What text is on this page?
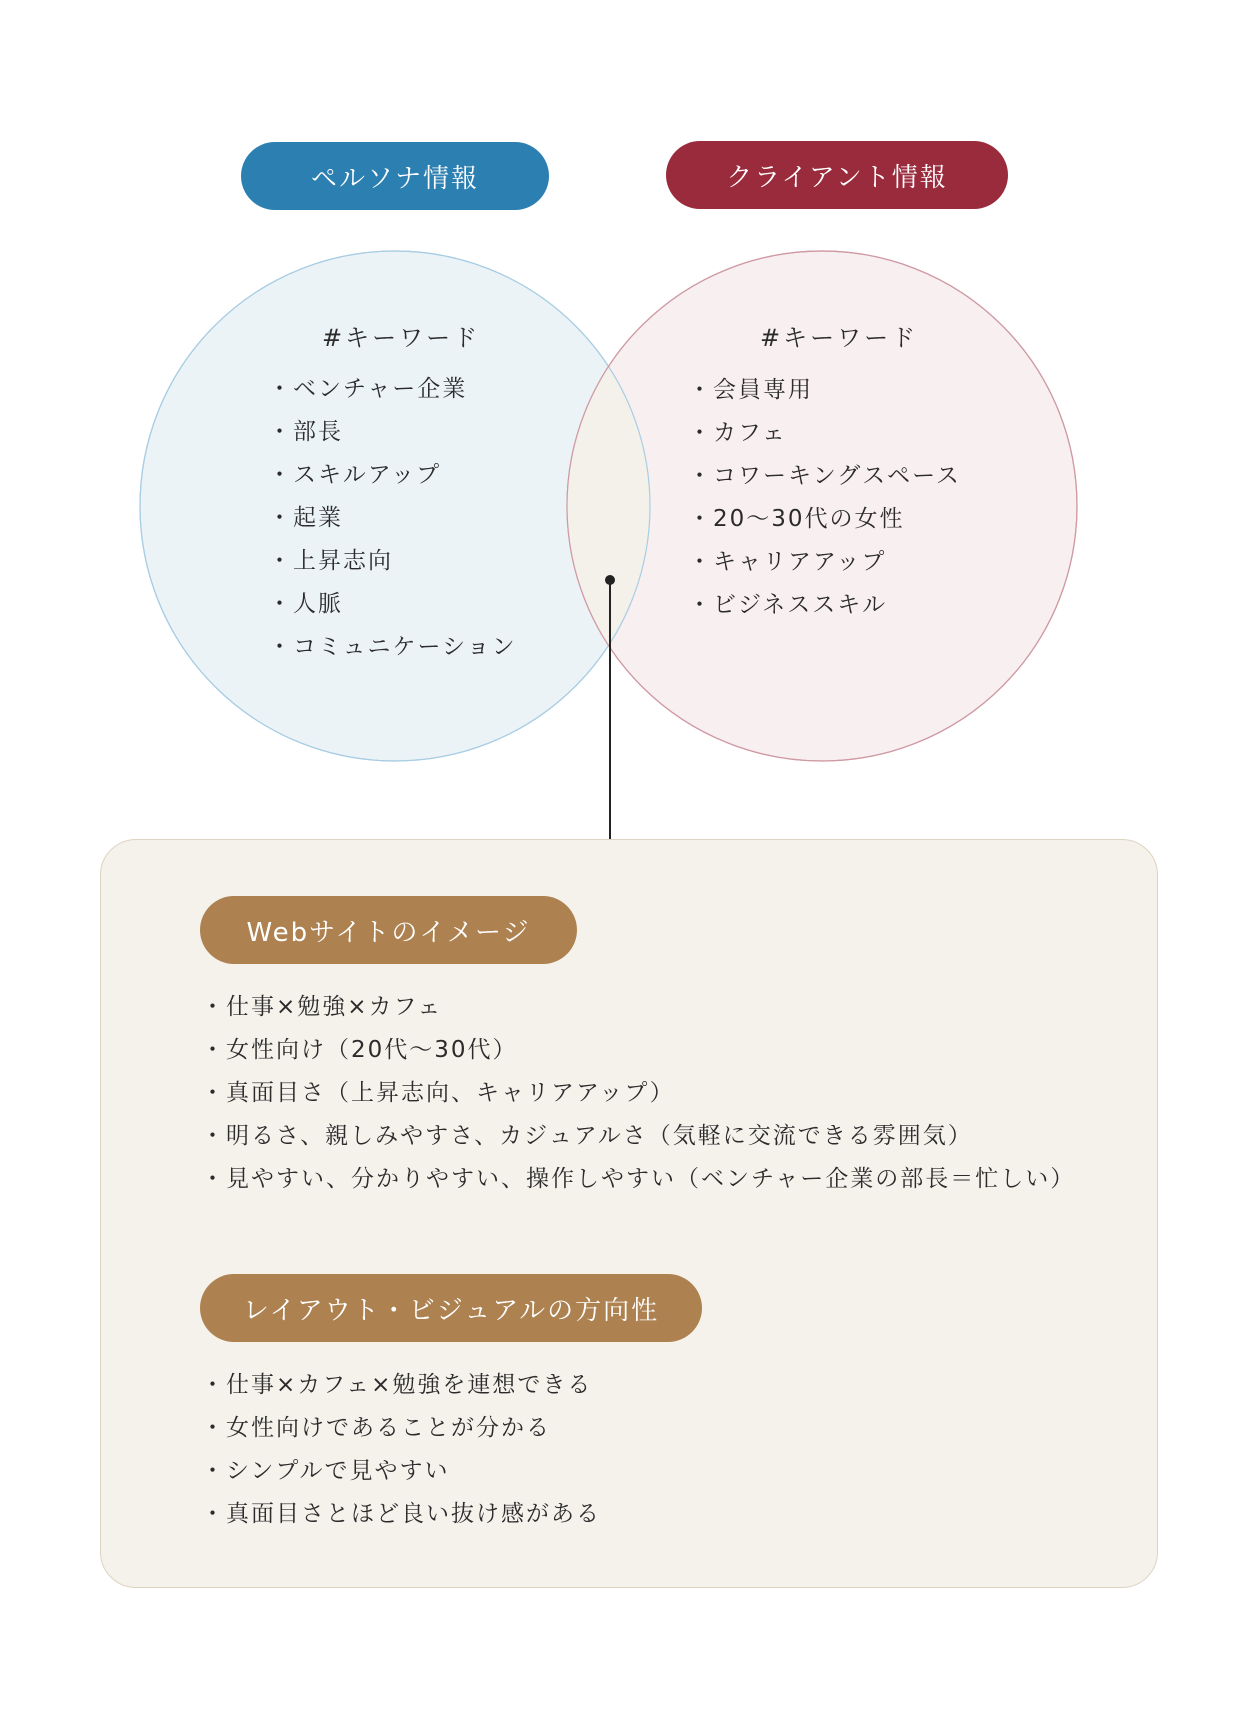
ペルソナ情報	クライアント情報
#キーワード
・ベンチャー企業
・部長
・スキルアップ
・起業
・上昇志向
・人脈
・コミュニケーション
#キーワード
・会員専用
・カフェ
・コワーキングスペース
・20〜30代の女性
・キャリアアップ
・ビジネススキル
Webサイトのイメージ
・仕事×勉強×カフェ
・女性向け（20代〜30代）
・真面目さ（上昇志向、キャリアアップ）
・明るさ、親しみやすさ、カジュアルさ（気軽に交流できる雰囲気）
・見やすい、分かりやすい、操作しやすい（ベンチャー企業の部長＝忙しい）
レイアウト・ビジュアルの方向性
・仕事×カフェ×勉強を連想できる
・女性向けであることが分かる
・シンプルで見やすい
・真面目さとほど良い抜け感がある
